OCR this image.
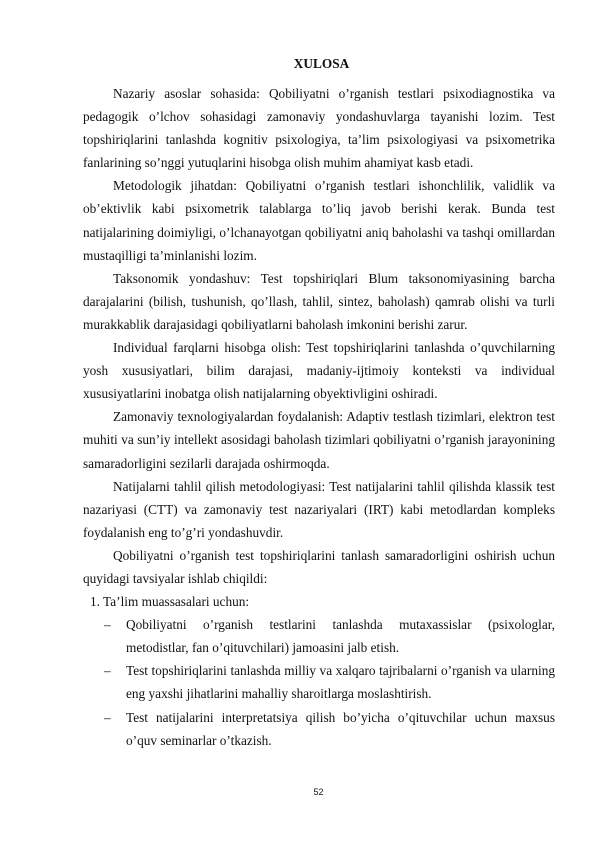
XULOSA

Nazariy asoslar sohasida: Qobiliyatni o’rganish testlari psixodiagnostika va pedagogik o’lchov sohasidagi zamonaviy yondashuvlarga tayanishi lozim. Test topshiriqlarini tanlashda kognitiv psixologiya, ta’lim psixologiyasi va psixometrika fanlarining so’nggi yutuqlarini hisobga olish muhim ahamiyat kasb etadi.

Metodologik jihatdan: Qobiliyatni o’rganish testlari ishonchlilik, validlik va ob’ektivlik kabi psixometrik talablarga to’liq javob berishi kerak. Bunda test natijalarining doimiyligi, o’lchanayotgan qobiliyatni aniq baholashi va tashqi omillardan mustaqilligi ta’minlanishi lozim.

Taksonomik yondashuv: Test topshiriqlari Blum taksonomiyasining barcha darajalarini (bilish, tushunish, qo’llash, tahlil, sintez, baholash) qamrab olishi va turli murakkablik darajasidagi qobiliyatlarni baholash imkonini berishi zarur.

Individual farqlarni hisobga olish: Test topshiriqlarini tanlashda o’quvchilarning yosh xususiyatlari, bilim darajasi, madaniy-ijtimoiy konteksti va individual xususiyatlarini inobatga olish natijalarning obyektivligini oshiradi.

Zamonaviy texnologiyalardan foydalanish: Adaptiv testlash tizimlari, elektron test muhiti va sun’iy intellekt asosidagi baholash tizimlari qobiliyatni o’rganish jarayonining samaradorligini sezilarli darajada oshirmoqda.

Natijalarni tahlil qilish metodologiyasi: Test natijalarini tahlil qilishda klassik test nazariyasi (CTT) va zamonaviy test nazariyalari (IRT) kabi metodlardan kompleks foydalanish eng to’g’ri yondashuvdir.

Qobiliyatni o’rganish test topshiriqlarini tanlash samaradorligini oshirish uchun quyidagi tavsiyalar ishlab chiqildi:

1. Ta’lim muassasalari uchun:

– Qobiliyatni o’rganish testlarini tanlashda mutaxassislar (psixologlar, metodistlar, fan o’qituvchilari) jamoasini jalb etish.
– Test topshiriqlarini tanlashda milliy va xalqaro tajribalarni o’rganish va ularning eng yaxshi jihatlarini mahalliy sharoitlarga moslashtirish.
– Test natijalarini interpretatsiya qilish bo’yicha o’qituvchilar uchun maxsus o’quv seminarlar o’tkazish.
52
